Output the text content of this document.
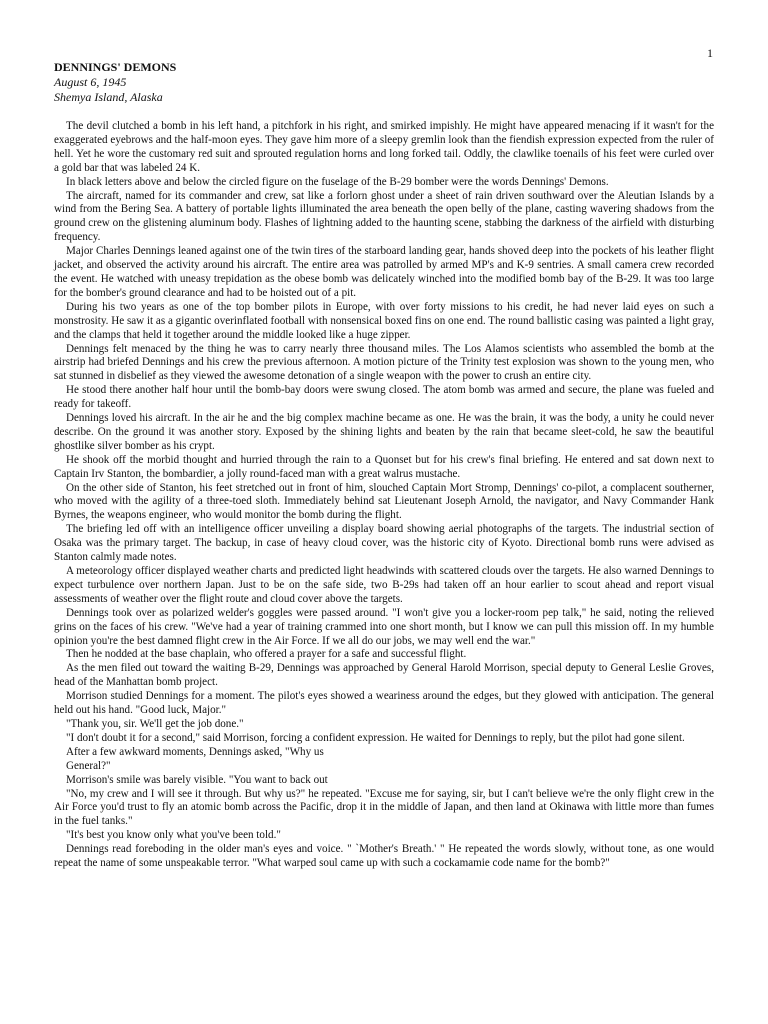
1

DENNINGS' DEMONS

August 6, 1945

Shemya Island, Alaska

The devil clutched a bomb in his left hand, a pitchfork in his right, and smirked impishly. He might have appeared menacing if it wasn't for the exaggerated eyebrows and the half-moon eyes. They gave him more of a sleepy gremlin look than the fiendish expression expected from the ruler of hell. Yet he wore the customary red suit and sprouted regulation horns and long forked tail. Oddly, the clawlike toenails of his feet were curled over a gold bar that was labeled 24 K.

In black letters above and below the circled figure on the fuselage of the B-29 bomber were the words Dennings' Demons.

The aircraft, named for its commander and crew, sat like a forlorn ghost under a sheet of rain driven southward over the Aleutian Islands by a wind from the Bering Sea. A battery of portable lights illuminated the area beneath the open belly of the plane, casting wavering shadows from the ground crew on the glistening aluminum body. Flashes of lightning added to the haunting scene, stabbing the darkness of the airfield with disturbing frequency.

Major Charles Dennings leaned against one of the twin tires of the starboard landing gear, hands shoved deep into the pockets of his leather flight jacket, and observed the activity around his aircraft. The entire area was patrolled by armed MP's and K-9 sentries. A small camera crew recorded the event. He watched with uneasy trepidation as the obese bomb was delicately winched into the modified bomb bay of the B-29. It was too large for the bomber's ground clearance and had to be hoisted out of a pit.

During his two years as one of the top bomber pilots in Europe, with over forty missions to his credit, he had never laid eyes on such a monstrosity. He saw it as a gigantic overinflated football with nonsensical boxed fins on one end. The round ballistic casing was painted a light gray, and the clamps that held it together around the middle looked like a huge zipper.

Dennings felt menaced by the thing he was to carry nearly three thousand miles. The Los Alamos scientists who assembled the bomb at the airstrip had briefed Dennings and his crew the previous afternoon. A motion picture of the Trinity test explosion was shown to the young men, who sat stunned in disbelief as they viewed the awesome detonation of a single weapon with the power to crush an entire city.

He stood there another half hour until the bomb-bay doors were swung closed. The atom bomb was armed and secure, the plane was fueled and ready for takeoff.

Dennings loved his aircraft. In the air he and the big complex machine became as one. He was the brain, it was the body, a unity he could never describe. On the ground it was another story. Exposed by the shining lights and beaten by the rain that became sleet-cold, he saw the beautiful ghostlike silver bomber as his crypt.

He shook off the morbid thought and hurried through the rain to a Quonset but for his crew's final briefing. He entered and sat down next to Captain Irv Stanton, the bombardier, a jolly round-faced man with a great walrus mustache.

On the other side of Stanton, his feet stretched out in front of him, slouched Captain Mort Stromp, Dennings' co-pilot, a complacent southerner, who moved with the agility of a three-toed sloth. Immediately behind sat Lieutenant Joseph Arnold, the navigator, and Navy Commander Hank Byrnes, the weapons engineer, who would monitor the bomb during the flight.

The briefing led off with an intelligence officer unveiling a display board showing aerial photographs of the targets. The industrial section of Osaka was the primary target. The backup, in case of heavy cloud cover, was the historic city of Kyoto. Directional bomb runs were advised as Stanton calmly made notes.

A meteorology officer displayed weather charts and predicted light headwinds with scattered clouds over the targets. He also warned Dennings to expect turbulence over northern Japan. Just to be on the safe side, two B-29s had taken off an hour earlier to scout ahead and report visual assessments of weather over the flight route and cloud cover above the targets.

Dennings took over as polarized welder's goggles were passed around. "I won't give you a locker-room pep talk," he said, noting the relieved grins on the faces of his crew. "We've had a year of training crammed into one short month, but I know we can pull this mission off. In my humble opinion you're the best damned flight crew in the Air Force. If we all do our jobs, we may well end the war."

Then he nodded at the base chaplain, who offered a prayer for a safe and successful flight.

As the men filed out toward the waiting B-29, Dennings was approached by General Harold Morrison, special deputy to General Leslie Groves, head of the Manhattan bomb project.

Morrison studied Dennings for a moment. The pilot's eyes showed a weariness around the edges, but they glowed with anticipation. The general held out his hand. "Good luck, Major."

"Thank you, sir. We'll get the job done."

"I don't doubt it for a second," said Morrison, forcing a confident expression. He waited for Dennings to reply, but the pilot had gone silent.

After a few awkward moments, Dennings asked, "Why us

General?"

Morrison's smile was barely visible. "You want to back out

"No, my crew and I will see it through. But why us?" he repeated. "Excuse me for saying, sir, but I can't believe we're the only flight crew in the Air Force you'd trust to fly an atomic bomb across the Pacific, drop it in the middle of Japan, and then land at Okinawa with little more than fumes in the fuel tanks."

"It's best you know only what you've been told."

Dennings read foreboding in the older man's eyes and voice. " `Mother's Breath.' " He repeated the words slowly, without tone, as one would repeat the name of some unspeakable terror. "What warped soul came up with such a cockamamie code name for the bomb?"
